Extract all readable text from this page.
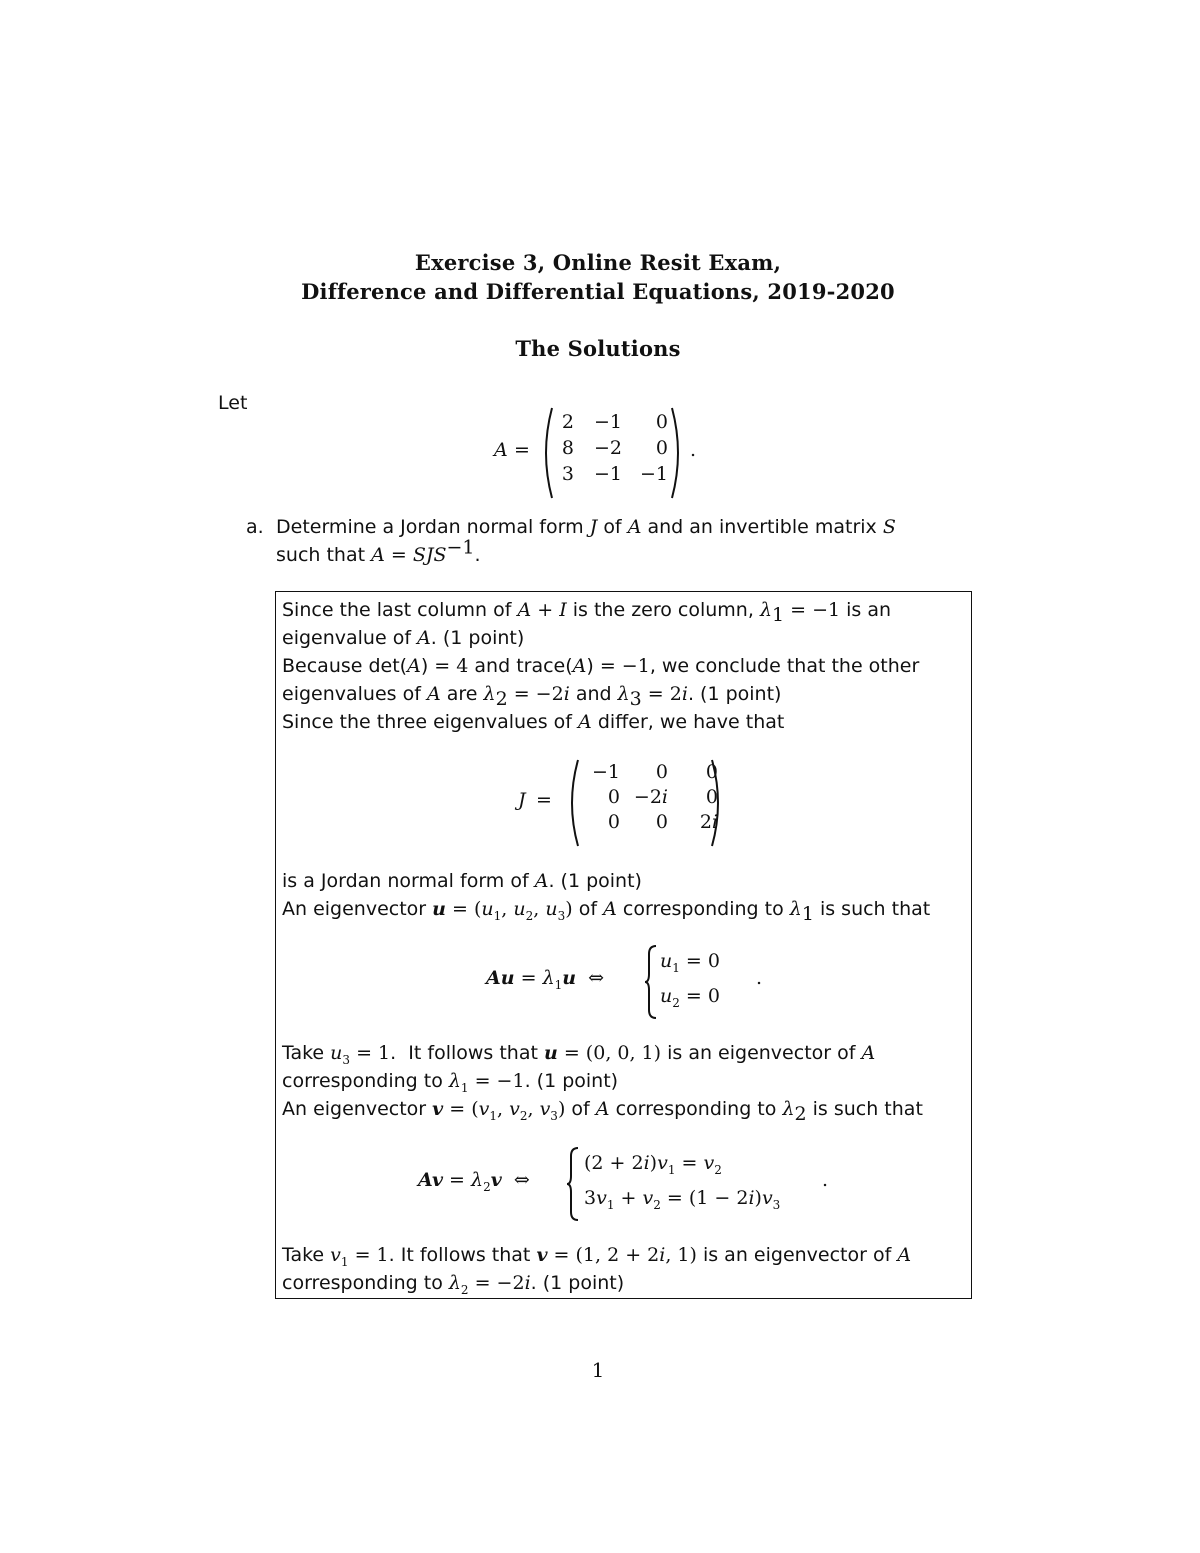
Exercise 3, Online Resit Exam,
Difference and Differential Equations, 2019-2020
The Solutions
Let
A =
2	−1	0
8	−2	0
3	−1 −1
.
a. Determine a Jordan normal form J of A and an invertible matrix S
such that $A = SJS^{-1}$.
Since the last column of A + I is the zero column, $\lambda_1 = -1$ is an
eigenvalue of A. (1 point)
Because det(A) = 4 and trace(A) = −1, we conclude that the other
eigenvalues of A are $\lambda_2 = -2i$ and $\lambda_3 = 2i$. (1 point)
Since the three eigenvalues of A differ, we have that
J =
−1	0	0
0 −2i	0
0	0	2i
is a Jordan normal form of A. (1 point)
An eigenvector $u = (u_1$, $u_2$, $u_3$) of A corresponding to $\lambda_1$ is such that
$Au = \lambda_1u$  ⇔
$u_1 = 0$
$u_2 = 0$
.
Take $u_3 = 1$.  It follows that u = (0, 0, 1) is an eigenvector of A
corresponding to $\lambda_1 = -1$. (1 point)
An eigenvector $v = (v_1$, $v_2$, $v_3$) of A corresponding to $\lambda_2$ is such that
$Av = \lambda_2v$  ⇔
$(2 + 2i)v_1 = v_2$
$3v_1 + v_2 = (1 - 2i)v_3$
.
Take $v_1 = 1$. It follows that v = (1, 2 + 2i, 1) is an eigenvector of A
corresponding to $\lambda_2 = -2i$. (1 point)
1
